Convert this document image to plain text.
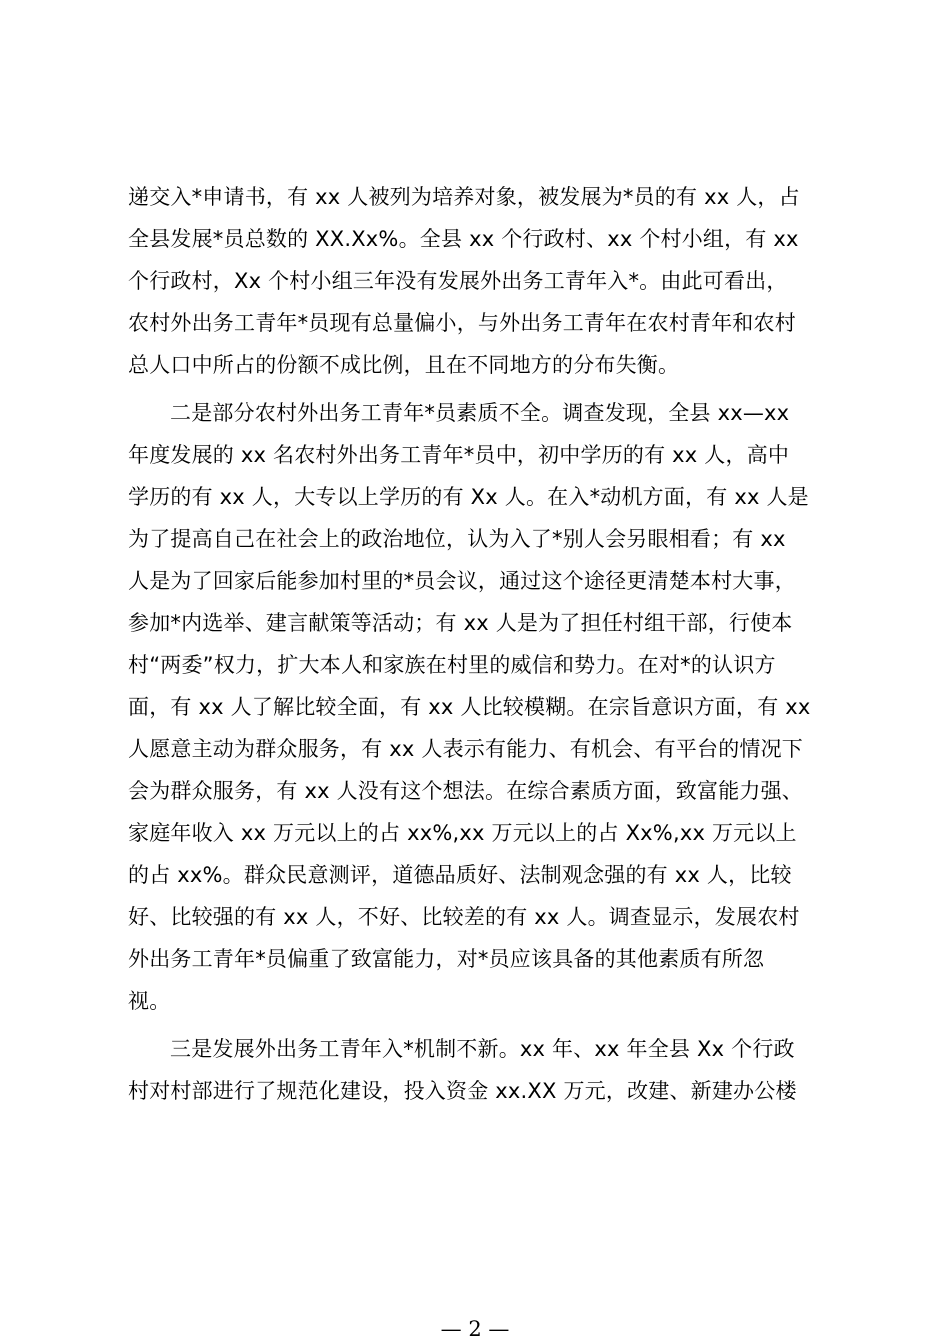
递交入*申请书，有 xx 人被列为培养对象，被发展为*员的有 xx 人，占
全县发展*员总数的 XX.Xx%。全县 xx 个行政村、xx 个村小组，有 xx
个行政村，Xx 个村小组三年没有发展外出务工青年入*。由此可看出，
农村外出务工青年*员现有总量偏小，与外出务工青年在农村青年和农村
总人口中所占的份额不成比例，且在不同地方的分布失衡。
二是部分农村外出务工青年*员素质不全。调查发现，全县 xx—xx
年度发展的 xx 名农村外出务工青年*员中，初中学历的有 xx 人，高中
学历的有 xx 人，大专以上学历的有 Xx 人。在入*动机方面，有 xx 人是
为了提高自己在社会上的政治地位，认为入了*别人会另眼相看；有 xx
人是为了回家后能参加村里的*员会议，通过这个途径更清楚本村大事，
参加*内选举、建言献策等活动；有 xx 人是为了担任村组干部，行使本
村“两委”权力，扩大本人和家族在村里的威信和势力。在对*的认识方
面，有 xx 人了解比较全面，有 xx 人比较模糊。在宗旨意识方面，有 xx
人愿意主动为群众服务，有 xx 人表示有能力、有机会、有平台的情况下
会为群众服务，有 xx 人没有这个想法。在综合素质方面，致富能力强、
家庭年收入 xx 万元以上的占 xx%,xx 万元以上的占 Xx%,xx 万元以上
的占 xx%。群众民意测评，道德品质好、法制观念强的有 xx 人，比较
好、比较强的有 xx 人，不好、比较差的有 xx 人。调查显示，发展农村
外出务工青年*员偏重了致富能力，对*员应该具备的其他素质有所忽
视。
三是发展外出务工青年入*机制不新。xx 年、xx 年全县 Xx 个行政
村对村部进行了规范化建设，投入资金 xx.XX 万元，改建、新建办公楼
— 2 —
